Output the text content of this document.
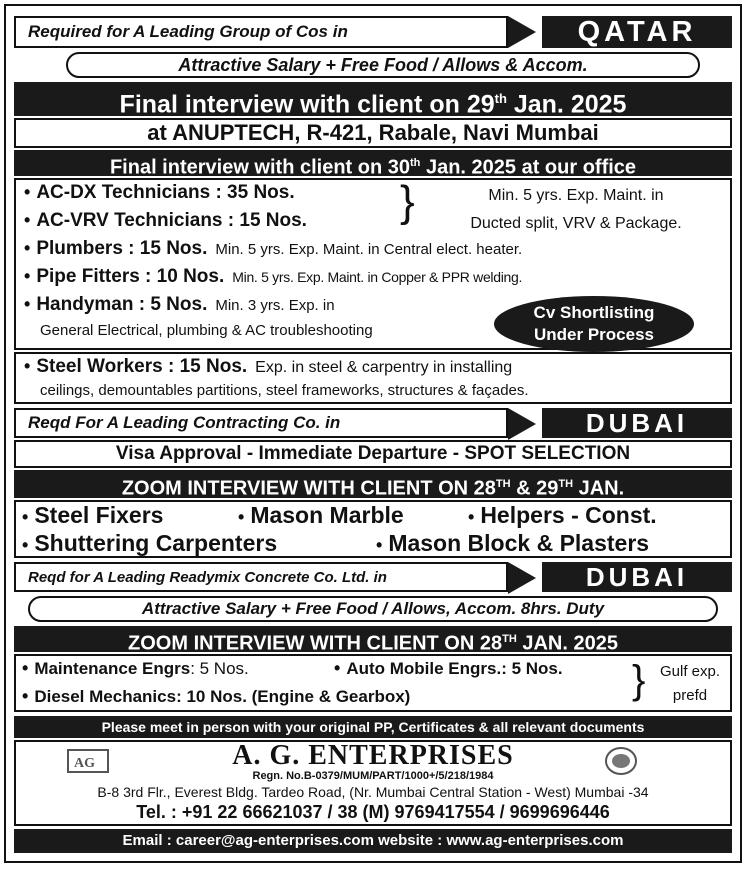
Required for A Leading Group of Cos in	QATAR
Attractive Salary + Free Food / Allows & Accom.
Final interview with client on 29th Jan. 2025
at ANUPTECH, R-421, Rabale, Navi Mumbai
Final interview with client on 30th Jan. 2025 at our office
• AC-DX Technicians : 35 Nos.
• AC-VRV Technicians : 15 Nos. }	Min. 5 yrs. Exp. Maint. in
Ducted split, VRV & Package.
• Plumbers : 15 Nos. Min. 5 yrs. Exp. Maint. in Central elect. heater.
• Pipe Fitters : 10 Nos. Min. 5 yrs. Exp. Maint. in Copper & PPR welding.
• Handyman : 5 Nos. Min. 3 yrs. Exp. in
General Electrical, plumbing & AC troubleshooting
Cv Shortlisting
Under Process
• Steel Workers : 15 Nos. Exp. in steel & carpentry in installing
ceilings, demountables partitions, steel frameworks, structures & façades.
Reqd For A Leading Contracting Co. in	DUBAI
Visa Approval - Immediate Departure - SPOT SELECTION
ZOOM INTERVIEW WITH CLIENT ON 28TH & 29TH JAN.
• Steel Fixers	• Mason Marble	• Helpers - Const.
• Shuttering Carpenters	• Mason Block & Plasters
Reqd for A Leading Readymix Concrete Co. Ltd. in	DUBAI
Attractive Salary + Free Food / Allows, Accom. 8hrs. Duty
ZOOM INTERVIEW WITH CLIENT ON 28TH JAN. 2025
• Maintenance Engrs : 5 Nos.	• Auto Mobile Engrs. : 5 Nos.
• Diesel Mechanics : 10 Nos. (Engine & Gearbox)	} Gulf exp.
prefd
Please meet in person with your original PP, Certificates & all relevant documents
AG	A. G. ENTERPRISES
Regn. No.B-0379/MUM/PART/1000+/5/218/1984
B-8 3rd Flr., Everest Bldg. Tardeo Road, (Nr. Mumbai Central Station - West) Mumbai -34
Tel. : +91 22 66621037 / 38 (M) 9769417554 / 9699696446
Email : career@ag-enterprises.com website : www.ag-enterprises.com
